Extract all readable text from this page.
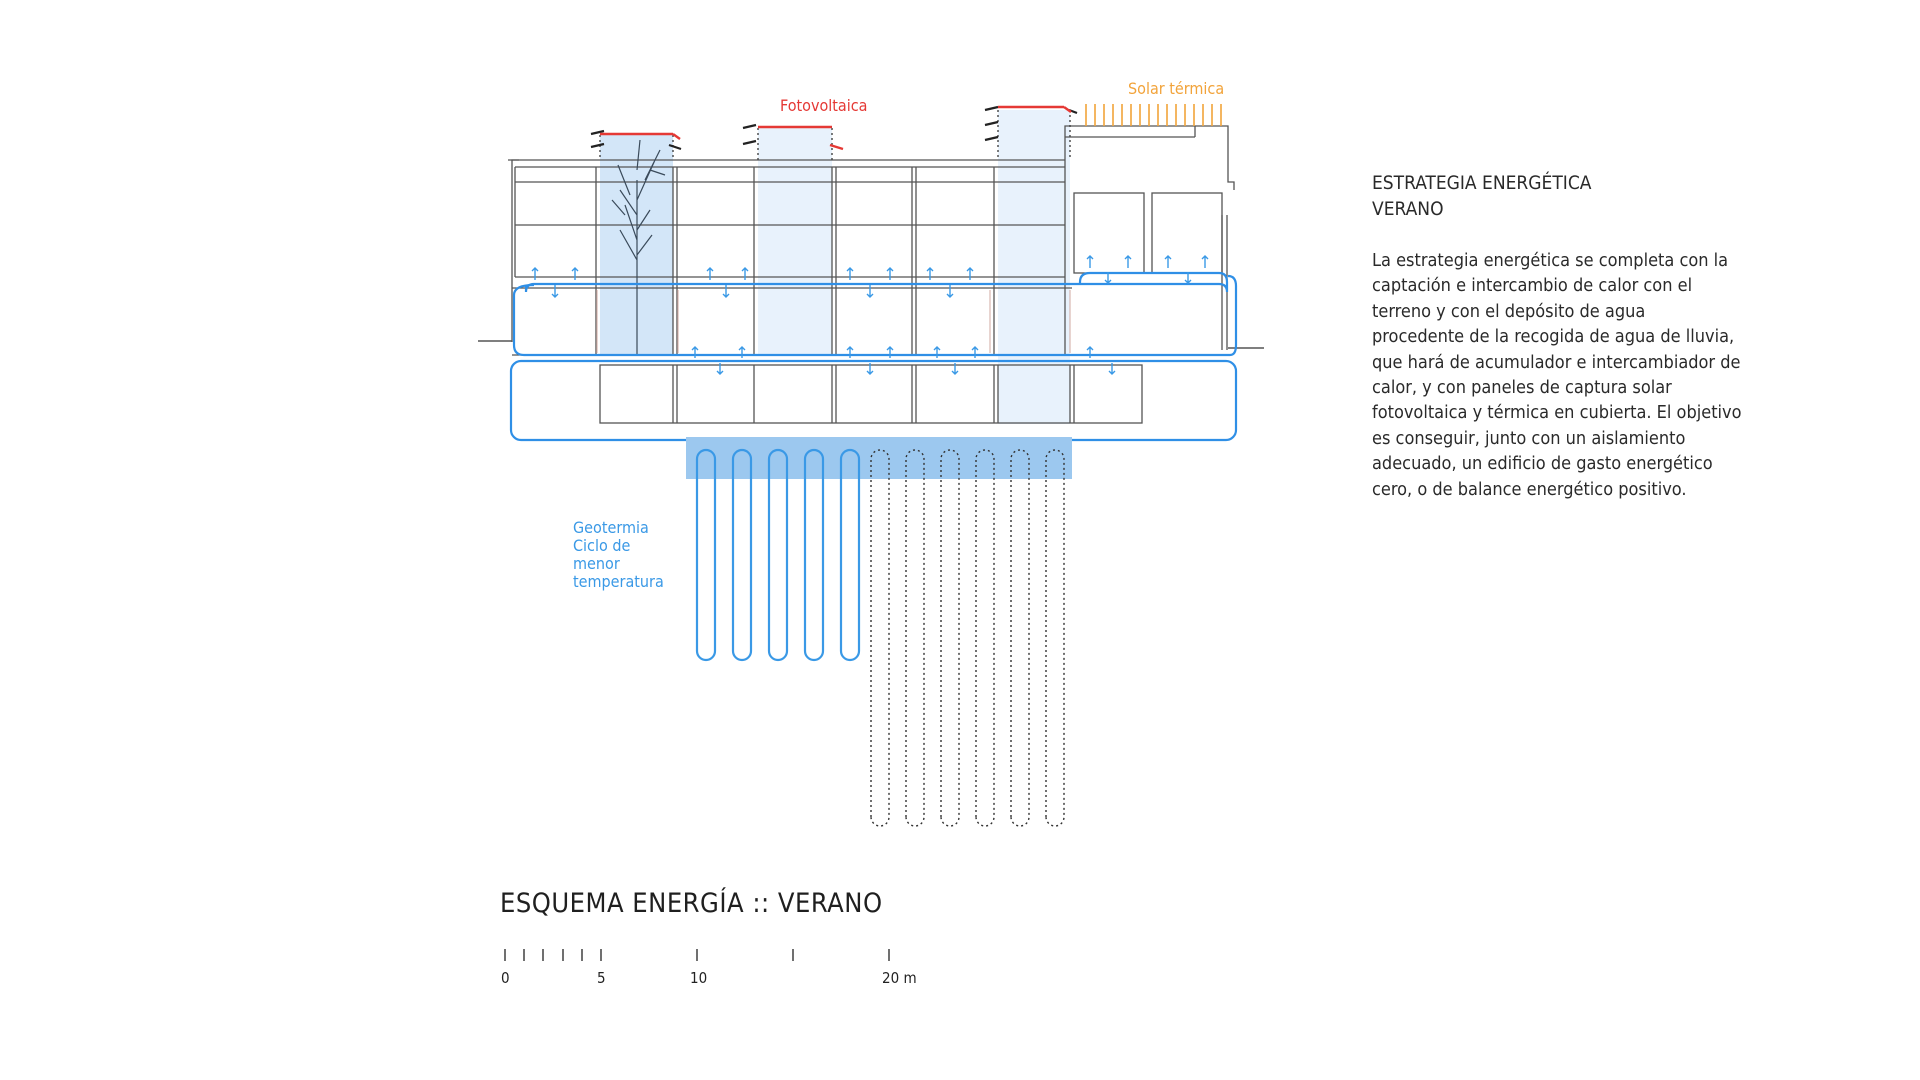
Fotovoltaica
Solar térmica
Geotermia
Ciclo de
menor
temperatura
ESTRATEGIA ENERGÉTICA
VERANO
La estrategia energética se completa con la captación e intercambio de calor con el terreno y con el depósito de agua procedente de la recogida de agua de lluvia, que hará de acumulador e intercambiador de calor, y con paneles de captura solar fotovoltaica y térmica en cubierta. El objetivo es conseguir, junto con un aislamiento adecuado, un edificio de gasto energético cero, o de balance energético positivo.
ESQUEMA ENERGÍA :: VERANO
0	5	10	20 m
